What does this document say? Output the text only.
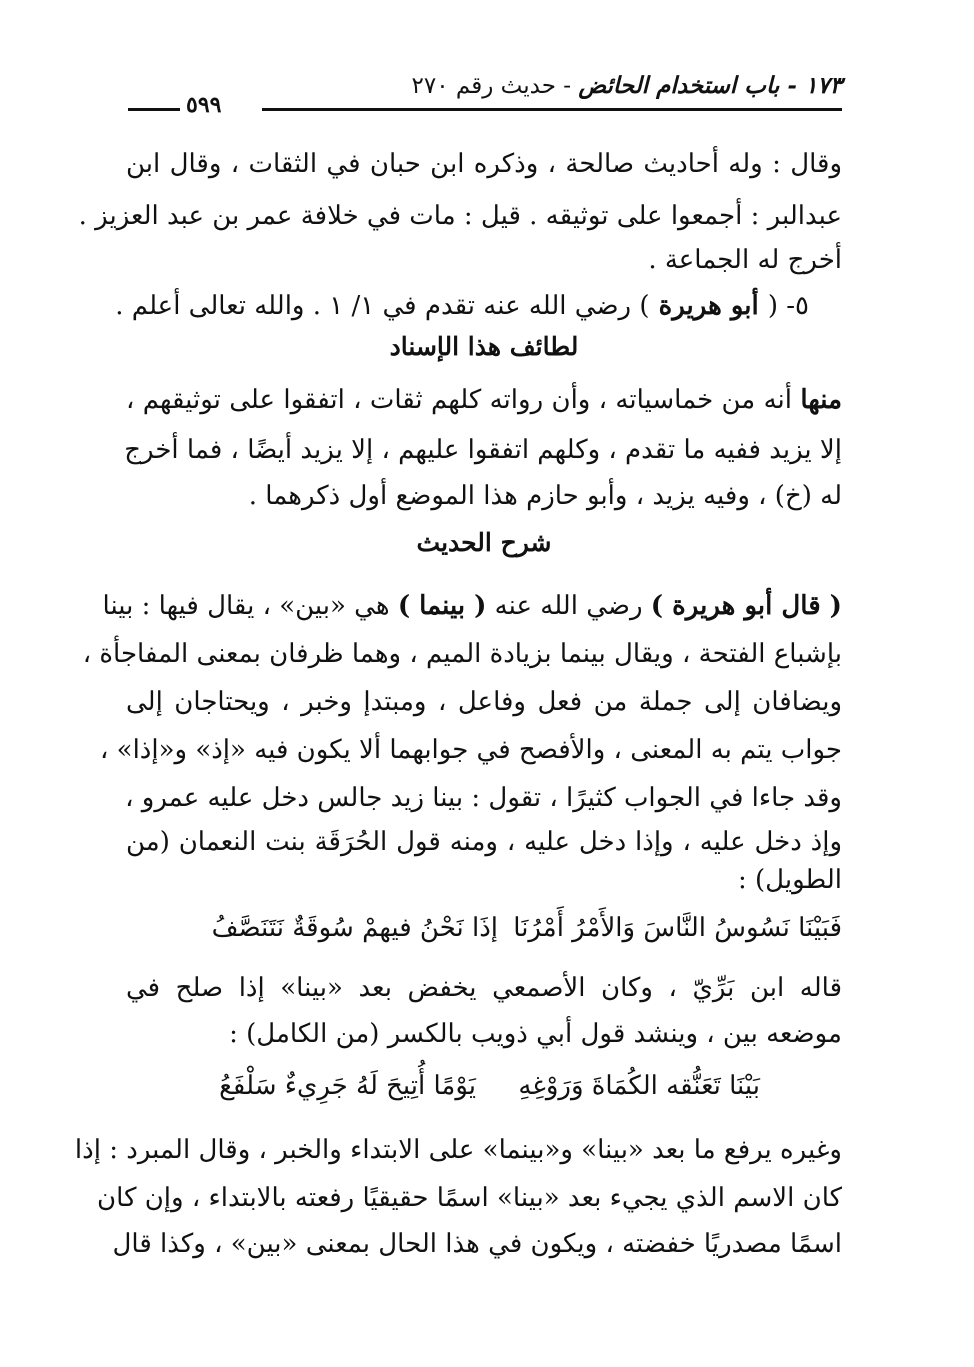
١٧٣ - باب استخدام الحائض - حديث رقم ٢٧٠
٥٩٩
وقال : وله أحاديث صالحة ، وذكره ابن حبان في الثقات ، وقال ابن
عبدالبر : أجمعوا على توثيقه . قيل : مات في خلافة عمر بن عبد العزيز .
أخرج له الجماعة .
٥- ( أبو هريرة ) رضي الله عنه تقدم في ١/ ١ . والله تعالى أعلم .
لطائف هذا الإسناد
منها أنه من خماسياته ، وأن رواته كلهم ثقات ، اتفقوا على توثيقهم ،
إلا يزيد ففيه ما تقدم ، وكلهم اتفقوا عليهم ، إلا يزيد أيضًا ، فما أخرج
له (خ) ، وفيه يزيد ، وأبو حازم هذا الموضع أول ذكرهما .
شرح الحديث
( قال أبو هريرة ) رضي الله عنه ( بينما ) هي «بين» ، يقال فيها : بينا
بإشباع الفتحة ، ويقال بينما بزيادة الميم ، وهما ظرفان بمعنى المفاجأة ،
ويضافان إلى جملة من فعل وفاعل ، ومبتدإ وخبر ، ويحتاجان إلى
جواب يتم به المعنى ، والأفصح في جوابهما ألا يكون فيه «إذ» و«إذا» ،
وقد جاءا في الجواب كثيرًا ، تقول : بينا زيد جالس دخل عليه عمرو ،
وإذ دخل عليه ، وإذا دخل عليه ، ومنه قول الحُرَقَة بنت النعمان (من
الطويل) :
فَبَيْنَا نَسُوسُ النَّاسَ وَالأَمْرُ أَمْرُنَا
إذَا نَحْنُ فيهمْ سُوقَةٌ نَتَنَصَّفُ
قاله ابن بَرِّيّ ، وكان الأصمعي يخفض بعد «بينا» إذا صلح في
موضعه بين ، وينشد قول أبي ذويب بالكسر (من الكامل) :
بَيْنَا تَعَنُّقه الكُمَاةَ وَرَوْغِهِ
يَوْمًا أُتِيحَ لَهُ جَرِيءٌ سَلْفَعُ
وغيره يرفع ما بعد «بينا» و«بينما» على الابتداء والخبر ، وقال المبرد : إذا
كان الاسم الذي يجيء بعد «بينا» اسمًا حقيقيًا رفعته بالابتداء ، وإن كان
اسمًا مصدريًا خفضته ، ويكون في هذا الحال بمعنى «بين» ، وكذا قال
